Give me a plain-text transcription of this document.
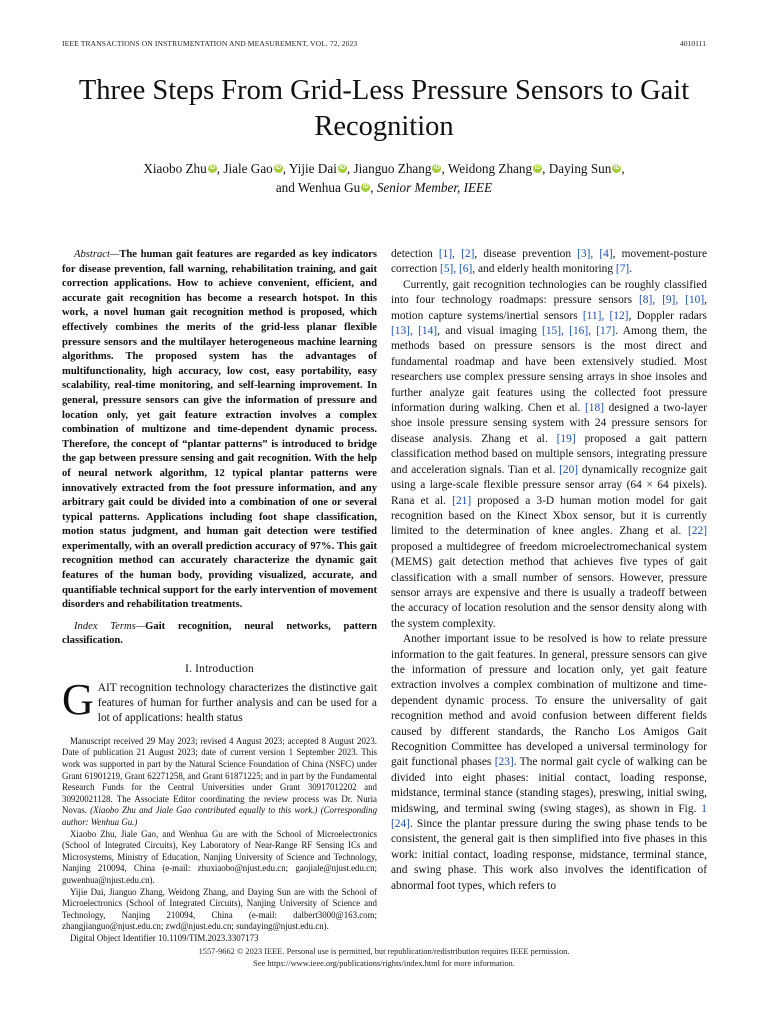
IEEE TRANSACTIONS ON INSTRUMENTATION AND MEASUREMENT, VOL. 72, 2023	4010111
Three Steps From Grid-Less Pressure Sensors to Gait Recognition
Xiaobo Zhu iD , Jiale Gao iD , Yijie Dai iD , Jianguo Zhang iD , Weidong Zhang iD , Daying Sun iD ,
and Wenhua Gu iD , Senior Member, IEEE
Abstract—The human gait features are regarded as key indicators for disease prevention, fall warning, rehabilitation training, and gait correction applications. How to achieve convenient, efficient, and accurate gait recognition has become a research hotspot. In this work, a novel human gait recognition method is proposed, which effectively combines the merits of the grid-less planar flexible pressure sensors and the multilayer heterogeneous machine learning algorithms. The proposed system has the advantages of multifunctionality, high accuracy, low cost, easy portability, easy scalability, real-time monitoring, and self-learning improvement. In general, pressure sensors can give the information of pressure and location only, yet gait feature extraction involves a complex combination of multizone and time-dependent dynamic process. Therefore, the concept of “plantar patterns” is introduced to bridge the gap between pressure sensing and gait recognition. With the help of neural network algorithm, 12 typical plantar patterns were innovatively extracted from the foot pressure information, and any arbitrary gait could be divided into a combination of one or several typical patterns. Applications including foot shape classification, motion status judgment, and human gait detection were testified experimentally, with an overall prediction accuracy of 97%. This gait recognition method can accurately characterize the dynamic gait features of the human body, providing visualized, accurate, and quantifiable technical support for the early intervention of movement disorders and rehabilitation treatments.
Index Terms—Gait recognition, neural networks, pattern classification.
I. Introduction
GAIT recognition technology characterizes the distinctive gait features of human for further analysis and can be used for a lot of applications: health status

Manuscript received 29 May 2023; revised 4 August 2023; accepted 8 August 2023. Date of publication 21 August 2023; date of current version 1 September 2023. This work was supported in part by the Natural Science Foundation of China (NSFC) under Grant 61901219, Grant 62271258, and Grant 61871225; and in part by the Fundamental Research Funds for the Central Universities under Grant 30917012202 and 30920021128. The Associate Editor coordinating the review process was Dr. Nuria Novas. (Xiaobo Zhu and Jiale Gao contributed equally to this work.) (Corresponding author: Wenhua Gu.)

Xiaobo Zhu, Jiale Gao, and Wenhua Gu are with the School of Microelectronics (School of Integrated Circuits), Key Laboratory of Near-Range RF Sensing ICs and Microsystems, Ministry of Education, Nanjing University of Science and Technology, Nanjing 210094, China (e-mail: zhuxiaobo@njust.edu.cn; gaojiale@njust.edu.cn; guwenhua@njust.edu.cn).

Yijie Dai, Jianguo Zhang, Weidong Zhang, and Daying Sun are with the School of Microelectronics (School of Integrated Circuits), Nanjing University of Science and Technology, Nanjing 210094, China (e-mail: dalbert3000@163.com; zhangjianguo@njust.edu.cn; zwd@njust.edu.cn; sundaying@njust.edu.cn).

Digital Object Identifier 10.1109/TIM.2023.3307173

detection [1], [2], disease prevention [3], [4], movement-posture correction [5], [6], and elderly health monitoring [7].

Currently, gait recognition technologies can be roughly classified into four technology roadmaps: pressure sensors [8], [9], [10], motion capture systems/inertial sensors [11], [12], Doppler radars [13], [14], and visual imaging [15], [16], [17]. Among them, the methods based on pressure sensors is the most direct and fundamental roadmap and have been extensively studied. Most researchers use complex pressure sensing arrays in shoe insoles and further analyze gait features using the collected foot pressure information during walking. Chen et al. [18] designed a two-layer shoe insole pressure sensing system with 24 pressure sensors for disease analysis. Zhang et al. [19] proposed a gait pattern classification method based on multiple sensors, integrating pressure and acceleration signals. Tian et al. [20] dynamically recognize gait using a large-scale flexible pressure sensor array (64 × 64 pixels). Rana et al. [21] proposed a 3-D human motion model for gait recognition based on the Kinect Xbox sensor, but it is currently limited to the determination of knee angles. Zhang et al. [22] proposed a multidegree of freedom microelectromechanical system (MEMS) gait detection method that achieves five types of gait classification with a small number of sensors. However, pressure sensor arrays are expensive and there is usually a tradeoff between the accuracy of location resolution and the sensor density along with the system complexity.

Another important issue to be resolved is how to relate pressure information to the gait features. In general, pressure sensors can give the information of pressure and location only, yet gait feature extraction involves a complex combination of multizone and time-dependent dynamic process. To ensure the universality of gait recognition method and avoid confusion between different fields caused by different standards, the Rancho Los Amigos Gait Recognition Committee has developed a universal terminology for gait functional phases [23]. The normal gait cycle of walking can be divided into eight phases: initial contact, loading response, midstance, terminal stance (standing stages), preswing, initial swing, midswing, and terminal swing (swing stages), as shown in Fig. 1 [24]. Since the plantar pressure during the swing phase tends to be consistent, the general gait is then simplified into five phases in this work: initial contact, loading response, midstance, terminal stance, and swing phase. This work also involves the identification of abnormal foot types, which refers to

1557-9662 © 2023 IEEE. Personal use is permitted, but republication/redistribution requires IEEE permission.
See https://www.ieee.org/publications/rights/index.html for more information.
